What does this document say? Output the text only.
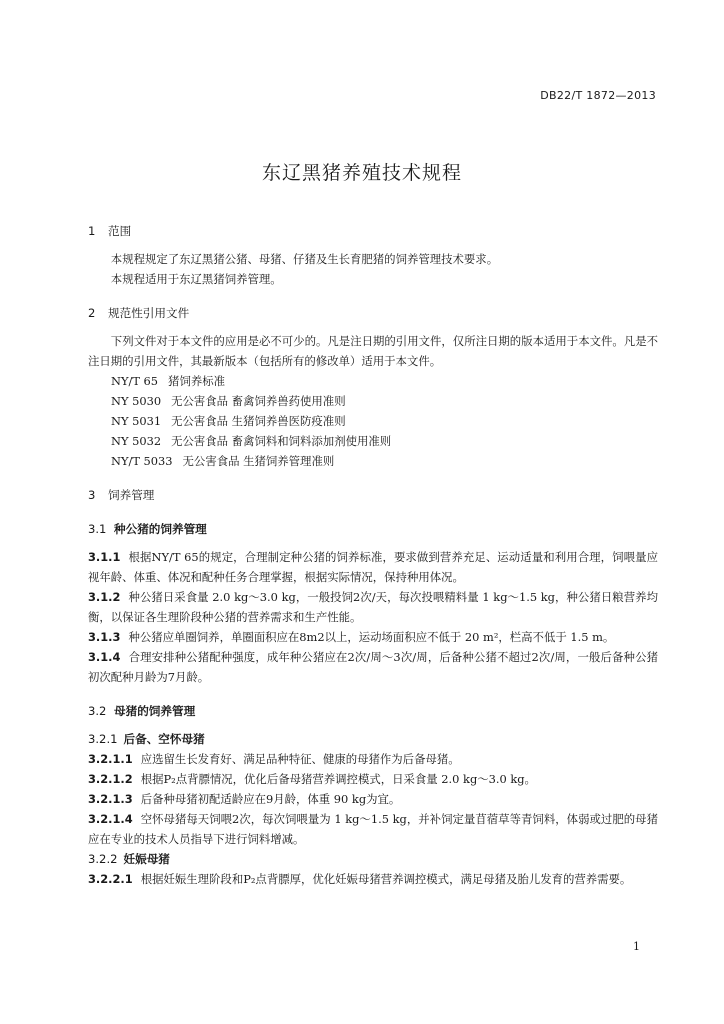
DB22/T 1872—2013
东辽黑猪养殖技术规程
1 范围

本规程规定了东辽黑猪公猪、母猪、仔猪及生长育肥猪的饲养管理技术要求。

本规程适用于东辽黑猪饲养管理。

2 规范性引用文件

下列文件对于本文件的应用是必不可少的。凡是注日期的引用文件，仅所注日期的版本适用于本文件。凡是不注日期的引用文件，其最新版本（包括所有的修改单）适用于本文件。

NY/T 65 猪饲养标准
NY 5030 无公害食品 畜禽饲养兽药使用准则
NY 5031 无公害食品 生猪饲养兽医防疫准则
NY 5032 无公害食品 畜禽饲料和饲料添加剂使用准则
NY/T 5033 无公害食品 生猪饲养管理准则
3 饲养管理
3.1 种公猪的饲养管理
3.1.1 根据NY/T 65的规定，合理制定种公猪的饲养标准，要求做到营养充足、运动适量和利用合理，饲喂量应视年龄、体重、体况和配种任务合理掌握，根据实际情况，保持种用体况。
3.1.2 种公猪日采食量 2.0 kg～3.0 kg，一般投饲2次/天，每次投喂精料量 1 kg～1.5 kg，种公猪日粮营养均衡，以保证各生理阶段种公猪的营养需求和生产性能。
3.1.3 种公猪应单圈饲养，单圈面积应在8m2以上，运动场面积应不低于 20 m²，栏高不低于 1.5 m。
3.1.4 合理安排种公猪配种强度，成年种公猪应在2次/周～3次/周，后备种公猪不超过2次/周，一般后备种公猪初次配种月龄为7月龄。
3.2 母猪的饲养管理
3.2.1 后备、空怀母猪
3.2.1.1 应选留生长发育好、满足品种特征、健康的母猪作为后备母猪。
3.2.1.2 根据P₂点背膘情况，优化后备母猪营养调控模式，日采食量 2.0 kg～3.0 kg。
3.2.1.3 后备种母猪初配适龄应在9月龄，体重 90 kg为宜。
3.2.1.4 空怀母猪每天饲喂2次，每次饲喂量为 1 kg～1.5 kg，并补饲定量苜蓿草等青饲料，体弱或过肥的母猪应在专业的技术人员指导下进行饲料增减。
3.2.2 妊娠母猪
3.2.2.1 根据妊娠生理阶段和P₂点背膘厚，优化妊娠母猪营养调控模式，满足母猪及胎儿发育的营养需要。
1
